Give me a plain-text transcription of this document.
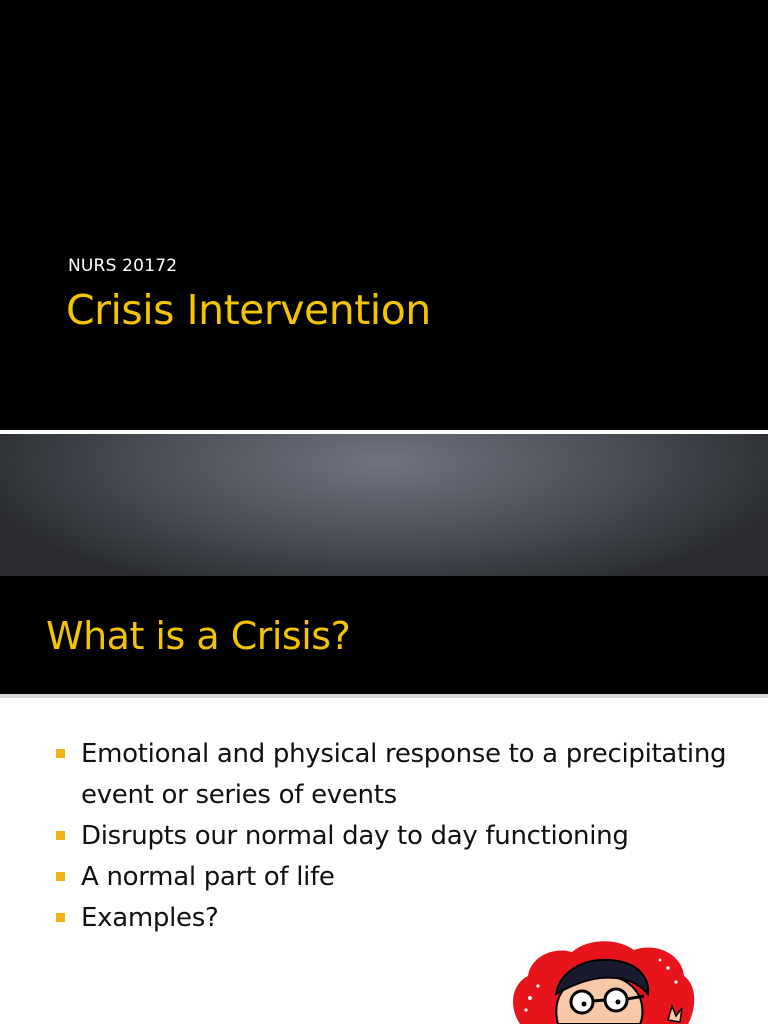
NURS 20172
Crisis Intervention
What is a Crisis?
Emotional and physical response to a precipitating event or series of events
Disrupts our normal day to day functioning
A normal part of life
Examples?
